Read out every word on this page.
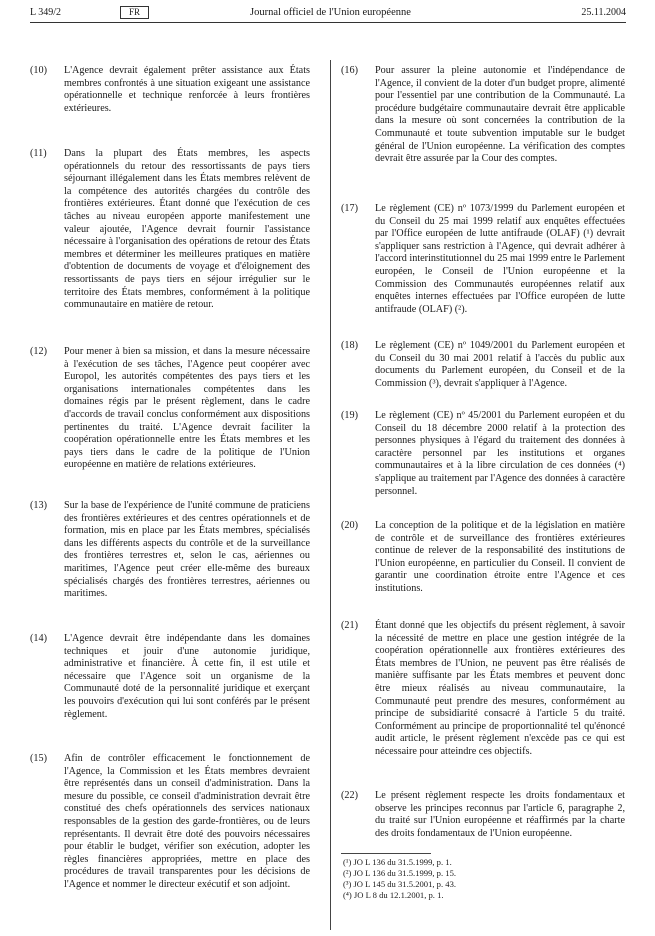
L 349/2	FR	Journal officiel de l'Union européenne	25.11.2004
(10)	L'Agence devrait également prêter assistance aux États membres confrontés à une situation exigeant une assistance opérationnelle et technique renforcée à leurs frontières extérieures.
(11)	Dans la plupart des États membres, les aspects opérationnels du retour des ressortissants de pays tiers séjournant illégalement dans les États membres relèvent de la compétence des autorités chargées du contrôle des frontières extérieures. Étant donné que l'exécution de ces tâches au niveau européen apporte manifestement une valeur ajoutée, l'Agence devrait fournir l'assistance nécessaire à l'organisation des opérations de retour des États membres et déterminer les meilleures pratiques en matière d'obtention de documents de voyage et d'éloignement des ressortissants de pays tiers en séjour irrégulier sur le territoire des États membres, conformément à la politique communautaire en matière de retour.
(12)	Pour mener à bien sa mission, et dans la mesure nécessaire à l'exécution de ses tâches, l'Agence peut coopérer avec Europol, les autorités compétentes des pays tiers et les organisations internationales compétentes dans les domaines régis par le présent règlement, dans le cadre d'accords de travail conclus conformément aux dispositions pertinentes du traité. L'Agence devrait faciliter la coopération opérationnelle entre les États membres et les pays tiers dans le cadre de la politique de l'Union européenne en matière de relations extérieures.
(13)	Sur la base de l'expérience de l'unité commune de praticiens des frontières extérieures et des centres opérationnels et de formation, mis en place par les États membres, spécialisés dans les différents aspects du contrôle et de la surveillance des frontières terrestres et, selon le cas, aériennes ou maritimes, l'Agence peut créer elle-même des bureaux spécialisés chargés des frontières terrestres, aériennes ou maritimes.
(14)	L'Agence devrait être indépendante dans les domaines techniques et jouir d'une autonomie juridique, administrative et financière. À cette fin, il est utile et nécessaire que l'Agence soit un organisme de la Communauté doté de la personnalité juridique et exerçant les pouvoirs d'exécution qui lui sont conférés par le présent règlement.
(15)	Afin de contrôler efficacement le fonctionnement de l'Agence, la Commission et les États membres devraient être représentés dans un conseil d'administration. Dans la mesure du possible, ce conseil d'administration devrait être constitué des chefs opérationnels des services nationaux responsables de la gestion des garde-frontières, ou de leurs représentants. Il devrait être doté des pouvoirs nécessaires pour établir le budget, vérifier son exécution, adopter les règles financières appropriées, mettre en place des procédures de travail transparentes pour les décisions de l'Agence et nommer le directeur exécutif et son adjoint.
(16)	Pour assurer la pleine autonomie et l'indépendance de l'Agence, il convient de la doter d'un budget propre, alimenté pour l'essentiel par une contribution de la Communauté. La procédure budgétaire communautaire devrait être applicable dans la mesure où sont concernées la contribution de la Communauté et toute subvention imputable sur le budget général de l'Union européenne. La vérification des comptes devrait être assurée par la Cour des comptes.
(17)	Le règlement (CE) nº 1073/1999 du Parlement européen et du Conseil du 25 mai 1999 relatif aux enquêtes effectuées par l'Office européen de lutte antifraude (OLAF) (¹) devrait s'appliquer sans restriction à l'Agence, qui devrait adhérer à l'accord interinstitutionnel du 25 mai 1999 entre le Parlement européen, le Conseil de l'Union européenne et la Commission des Communautés européennes relatif aux enquêtes internes effectuées par l'Office européen de lutte antifraude (OLAF) (²).
(18)	Le règlement (CE) nº 1049/2001 du Parlement européen et du Conseil du 30 mai 2001 relatif à l'accès du public aux documents du Parlement européen, du Conseil et de la Commission (³), devrait s'appliquer à l'Agence.
(19)	Le règlement (CE) nº 45/2001 du Parlement européen et du Conseil du 18 décembre 2000 relatif à la protection des personnes physiques à l'égard du traitement des données à caractère personnel par les institutions et organes communautaires et à la libre circulation de ces données (⁴) s'applique au traitement par l'Agence des données à caractère personnel.
(20)	La conception de la politique et de la législation en matière de contrôle et de surveillance des frontières extérieures continue de relever de la responsabilité des institutions de l'Union européenne, en particulier du Conseil. Il convient de garantir une coordination étroite entre l'Agence et ces institutions.
(21)	Étant donné que les objectifs du présent règlement, à savoir la nécessité de mettre en place une gestion intégrée de la coopération opérationnelle aux frontières extérieures des États membres de l'Union, ne peuvent pas être réalisés de manière suffisante par les États membres et peuvent donc être mieux réalisés au niveau communautaire, la Communauté peut prendre des mesures, conformément au principe de subsidiarité consacré à l'article 5 du traité. Conformément au principe de proportionnalité tel qu'énoncé audit article, le présent règlement n'excède pas ce qui est nécessaire pour atteindre ces objectifs.
(22)	Le présent règlement respecte les droits fondamentaux et observe les principes reconnus par l'article 6, paragraphe 2, du traité sur l'Union européenne et réaffirmés par la charte des droits fondamentaux de l'Union européenne.
(¹) JO L 136 du 31.5.1999, p. 1.
(²) JO L 136 du 31.5.1999, p. 15.
(³) JO L 145 du 31.5.2001, p. 43.
(⁴) JO L 8 du 12.1.2001, p. 1.
